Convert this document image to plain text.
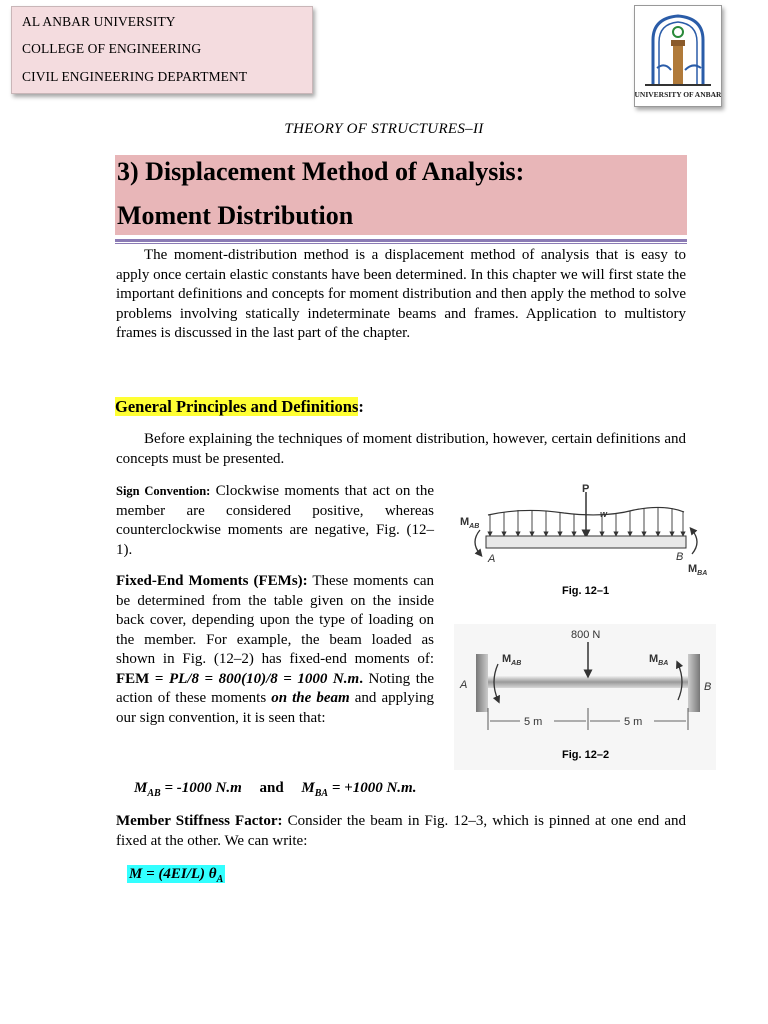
AL ANBAR UNIVERSITY
COLLEGE OF ENGINEERING
CIVIL ENGINEERING DEPARTMENT
UNIVERSITY OF ANBAR
THEORY OF STRUCTURES–II
3) Displacement Method of Analysis:
Moment Distribution
The moment-distribution method is a displacement method of analysis that is easy to apply once certain elastic constants have been determined. In this chapter we will first state the important definitions and concepts for moment distribution and then apply the method to solve problems involving statically indeterminate beams and frames. Application to multistory frames is discussed in the last part of the chapter.
General Principles and Definitions:
Before explaining the techniques of moment distribution, however, certain definitions and concepts must be presented.
Sign Convention: Clockwise moments that act on the member are considered positive, whereas counterclockwise moments are negative, Fig. (12–1).
Fixed-End Moments (FEMs): These moments can be determined from the table given on the inside back cover, depending upon the type of loading on the member. For example, the beam loaded as shown in Fig. (12–2) has fixed-end moments of: FEM = PL/8 = 800(10)/8 = 1000 N.m. Noting the action of these moments on the beam and applying our sign convention, it is seen that:
$M_{AB} = -1000$ N.m and $M_{BA} = +1000$ N.m.
Member Stiffness Factor: Consider the beam in Fig. 12–3, which is pinned at one end and fixed at the other. We can write:
M = (4EI/L) $\theta_A$
P
w
$M_{AB}$
$M_{BA}$
A	B
Fig. 12–1
800 N
$M_{AB}$	$M_{BA}$
A	B
5 m	5 m
Fig. 12–2
